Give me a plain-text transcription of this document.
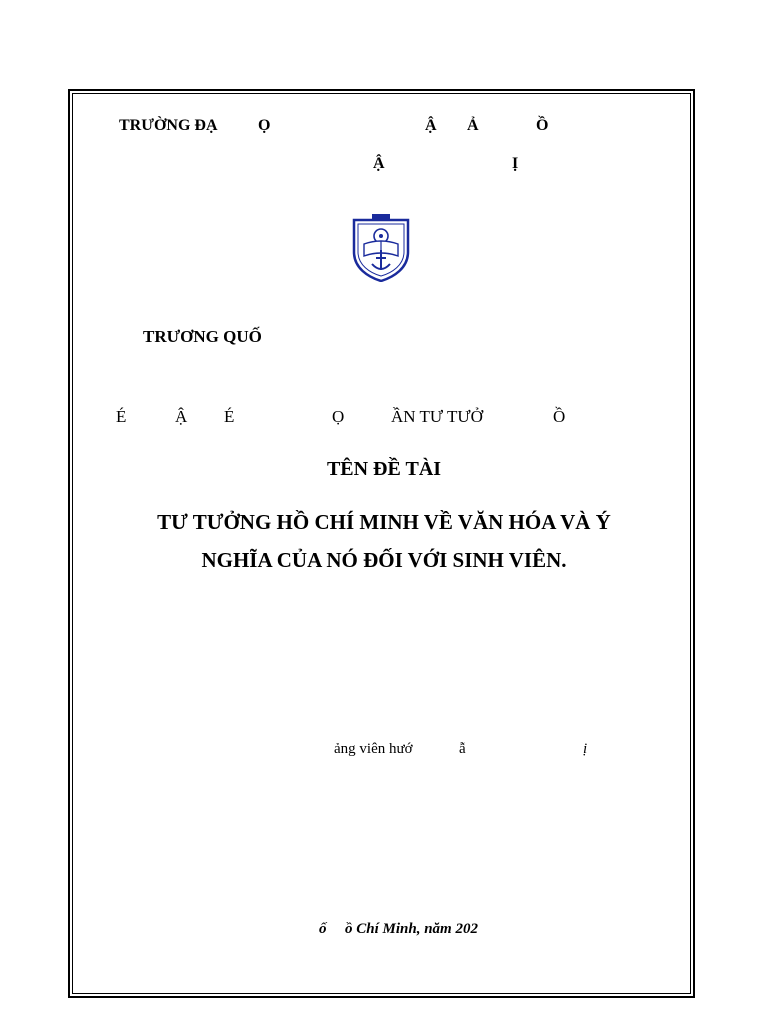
TRƯỜNG ĐẠ	Ọ	Ậ Ả	Ồ
Ậ	Ị
TRƯƠNG QUỐ
É	Ậ É	Ọ	ẦN TƯ TƯỞ	Ồ
TÊN ĐỀ TÀI
TƯ TƯỞNG HỒ CHÍ MINH VỀ VĂN HÓA VÀ Ý
NGHĨA CỦA NÓ ĐỐI VỚI SINH VIÊN.
ảng viên hướ	ẫ	ị
ố ồ Chí Minh, năm 202
